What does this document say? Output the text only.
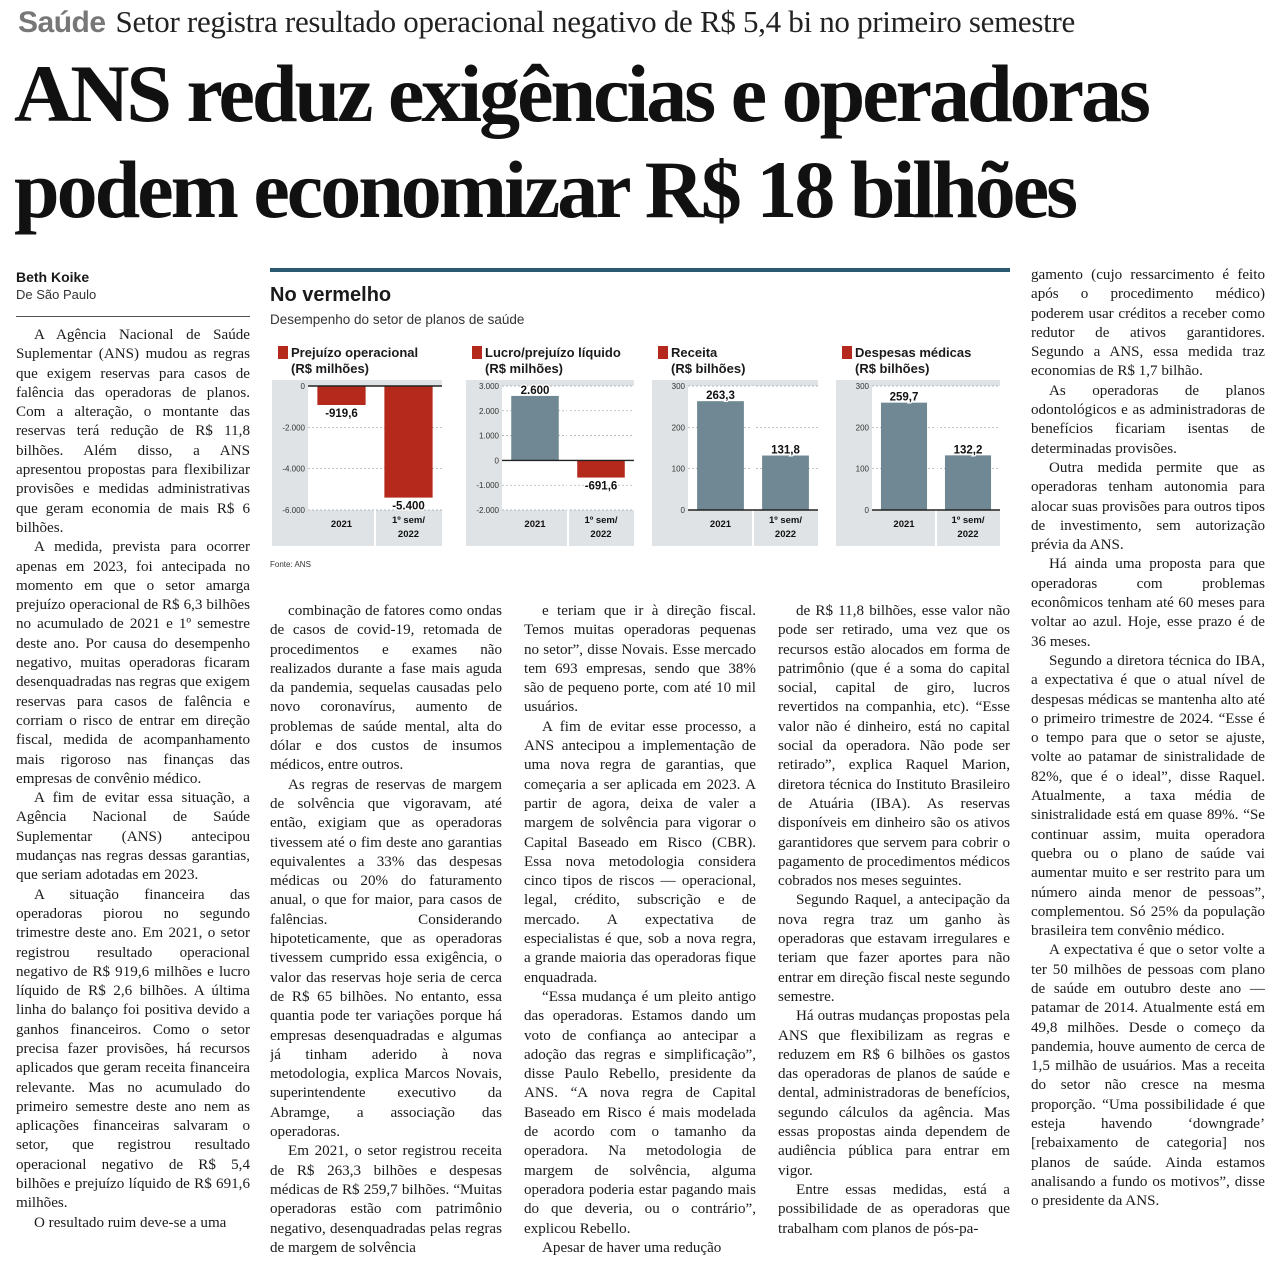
Saúde Setor registra resultado operacional negativo de R$ 5,4 bi no primeiro semestre
ANS reduz exigências e operadoras
podem economizar R$ 18 bilhões
Beth Koike
De São Paulo

A Agência Nacional de Saúde Suplementar (ANS) mudou as regras que exigem reservas para casos de falência das operadoras de planos. Com a alteração, o montante das reservas terá redução de R$ 11,8 bilhões. Além disso, a ANS apresentou propostas para flexibilizar provisões e medidas administrativas que geram economia de mais R$ 6 bilhões.

A medida, prevista para ocorrer apenas em 2023, foi antecipada no momento em que o setor amarga prejuízo operacional de R$ 6,3 bilhões no acumulado de 2021 e 1º semestre deste ano. Por causa do desempenho negativo, muitas operadoras ficaram desenquadradas nas regras que exigem reservas para casos de falência e corriam o risco de entrar em direção fiscal, medida de acompanhamento mais rigoroso nas finanças das empresas de convênio médico.

A fim de evitar essa situação, a Agência Nacional de Saúde Suplementar (ANS) antecipou mudanças nas regras dessas garantias, que seriam adotadas em 2023.

A situação financeira das operadoras piorou no segundo trimestre deste ano. Em 2021, o setor registrou resultado operacional negativo de R$ 919,6 milhões e lucro líquido de R$ 2,6 bilhões. A última linha do balanço foi positiva devido a ganhos financeiros. Como o setor precisa fazer provisões, há recursos aplicados que geram receita financeira relevante. Mas no acumulado do primeiro semestre deste ano nem as aplicações financeiras salvaram o setor, que registrou resultado operacional negativo de R$ 5,4 bilhões e prejuízo líquido de R$ 691,6 milhões.

O resultado ruim deve-se a uma

combinação de fatores como ondas de casos de covid-19, retomada de procedimentos e exames não realizados durante a fase mais aguda da pandemia, sequelas causadas pelo novo coronavírus, aumento de problemas de saúde mental, alta do dólar e dos custos de insumos médicos, entre outros.

As regras de reservas de margem de solvência que vigoravam, até então, exigiam que as operadoras tivessem até o fim deste ano garantias equivalentes a 33% das despesas médicas ou 20% do faturamento anual, o que for maior, para casos de falências. Considerando hipoteticamente, que as operadoras tivessem cumprido essa exigência, o valor das reservas hoje seria de cerca de R$ 65 bilhões. No entanto, essa quantia pode ter variações porque há empresas desenquadradas e algumas já tinham aderido à nova metodologia, explica Marcos Novais, superintendente executivo da Abramge, a associação das operadoras.

Em 2021, o setor registrou receita de R$ 263,3 bilhões e despesas médicas de R$ 259,7 bilhões. “Muitas operadoras estão com patrimônio negativo, desenquadradas pelas regras de margem de solvência

e teriam que ir à direção fiscal. Temos muitas operadoras pequenas no setor”, disse Novais. Esse mercado tem 693 empresas, sendo que 38% são de pequeno porte, com até 10 mil usuários.

A fim de evitar esse processo, a ANS antecipou a implementação de uma nova regra de garantias, que começaria a ser aplicada em 2023. A partir de agora, deixa de valer a margem de solvência para vigorar o Capital Baseado em Risco (CBR). Essa nova metodologia considera cinco tipos de riscos — operacional, legal, crédito, subscrição e de mercado. A expectativa de especialistas é que, sob a nova regra, a grande maioria das operadoras fique enquadrada.

“Essa mudança é um pleito antigo das operadoras. Estamos dando um voto de confiança ao antecipar a adoção das regras e simplificação”, disse Paulo Rebello, presidente da ANS. “A nova regra de Capital Baseado em Risco é mais modelada de acordo com o tamanho da operadora. Na metodologia de margem de solvência, alguma operadora poderia estar pagando mais do que deveria, ou o contrário”, explicou Rebello.

Apesar de haver uma redução

de R$ 11,8 bilhões, esse valor não pode ser retirado, uma vez que os recursos estão alocados em forma de patrimônio (que é a soma do capital social, capital de giro, lucros revertidos na companhia, etc). “Esse valor não é dinheiro, está no capital social da operadora. Não pode ser retirado”, explica Raquel Marion, diretora técnica do Instituto Brasileiro de Atuária (IBA). As reservas disponíveis em dinheiro são os ativos garantidores que servem para cobrir o pagamento de procedimentos médicos cobrados nos meses seguintes.

Segundo Raquel, a antecipação da nova regra traz um ganho às operadoras que estavam irregulares e teriam que fazer aportes para não entrar em direção fiscal neste segundo semestre.

Há outras mudanças propostas pela ANS que flexibilizam as regras e reduzem em R$ 6 bilhões os gastos das operadoras de planos de saúde e dental, administradoras de benefícios, segundo cálculos da agência. Mas essas propostas ainda dependem de audiência pública para entrar em vigor.

Entre essas medidas, está a possibilidade de as operadoras que trabalham com planos de pós-pa-

gamento (cujo ressarcimento é feito após o procedimento médico) poderem usar créditos a receber como redutor de ativos garantidores. Segundo a ANS, essa medida traz economias de R$ 1,7 bilhão.

As operadoras de planos odontológicos e as administradoras de benefícios ficariam isentas de determinadas provisões.

Outra medida permite que as operadoras tenham autonomia para alocar suas provisões para outros tipos de investimento, sem autorização prévia da ANS.

Há ainda uma proposta para que operadoras com problemas econômicos tenham até 60 meses para voltar ao azul. Hoje, esse prazo é de 36 meses.

Segundo a diretora técnica do IBA, a expectativa é que o atual nível de despesas médicas se mantenha alto até o primeiro trimestre de 2024. “Esse é o tempo para que o setor se ajuste, volte ao patamar de sinistralidade de 82%, que é o ideal”, disse Raquel. Atualmente, a taxa média de sinistralidade está em quase 89%. “Se continuar assim, muita operadora quebra ou o plano de saúde vai aumentar muito e ser restrito para um número ainda menor de pessoas”, complementou. Só 25% da população brasileira tem convênio médico.

A expectativa é que o setor volte a ter 50 milhões de pessoas com plano de saúde em outubro deste ano — patamar de 2014. Atualmente está em 49,8 milhões. Desde o começo da pandemia, houve aumento de cerca de 1,5 milhão de usuários. Mas a receita do setor não cresce na mesma proporção. “Uma possibilidade é que esteja havendo ‘downgrade’ [rebaixamento de categoria] nos planos de saúde. Ainda estamos analisando a fundo os motivos”, disse o presidente da ANS.

Prejuízo operacional
(R$ milhões)
0
-2.000
-4.000
-6.000
-919,6
2021
-5.400
1º sem/ 2022
Lucro/prejuízo líquido
(R$ milhões)
3.000
2.000
1.000
0
-1.000
-2.000
2.600
2021
-691,6
1º sem/ 2022
Receita
(R$ bilhões)
300
200
100
0
263,3
2021
131,8
1º sem/ 2022
Despesas médicas
(R$ bilhões)
300
200
100
0
259,7
2021
132,2
1º sem/ 2022
No vermelho
Desempenho do setor de planos de saúde
Fonte: ANS
